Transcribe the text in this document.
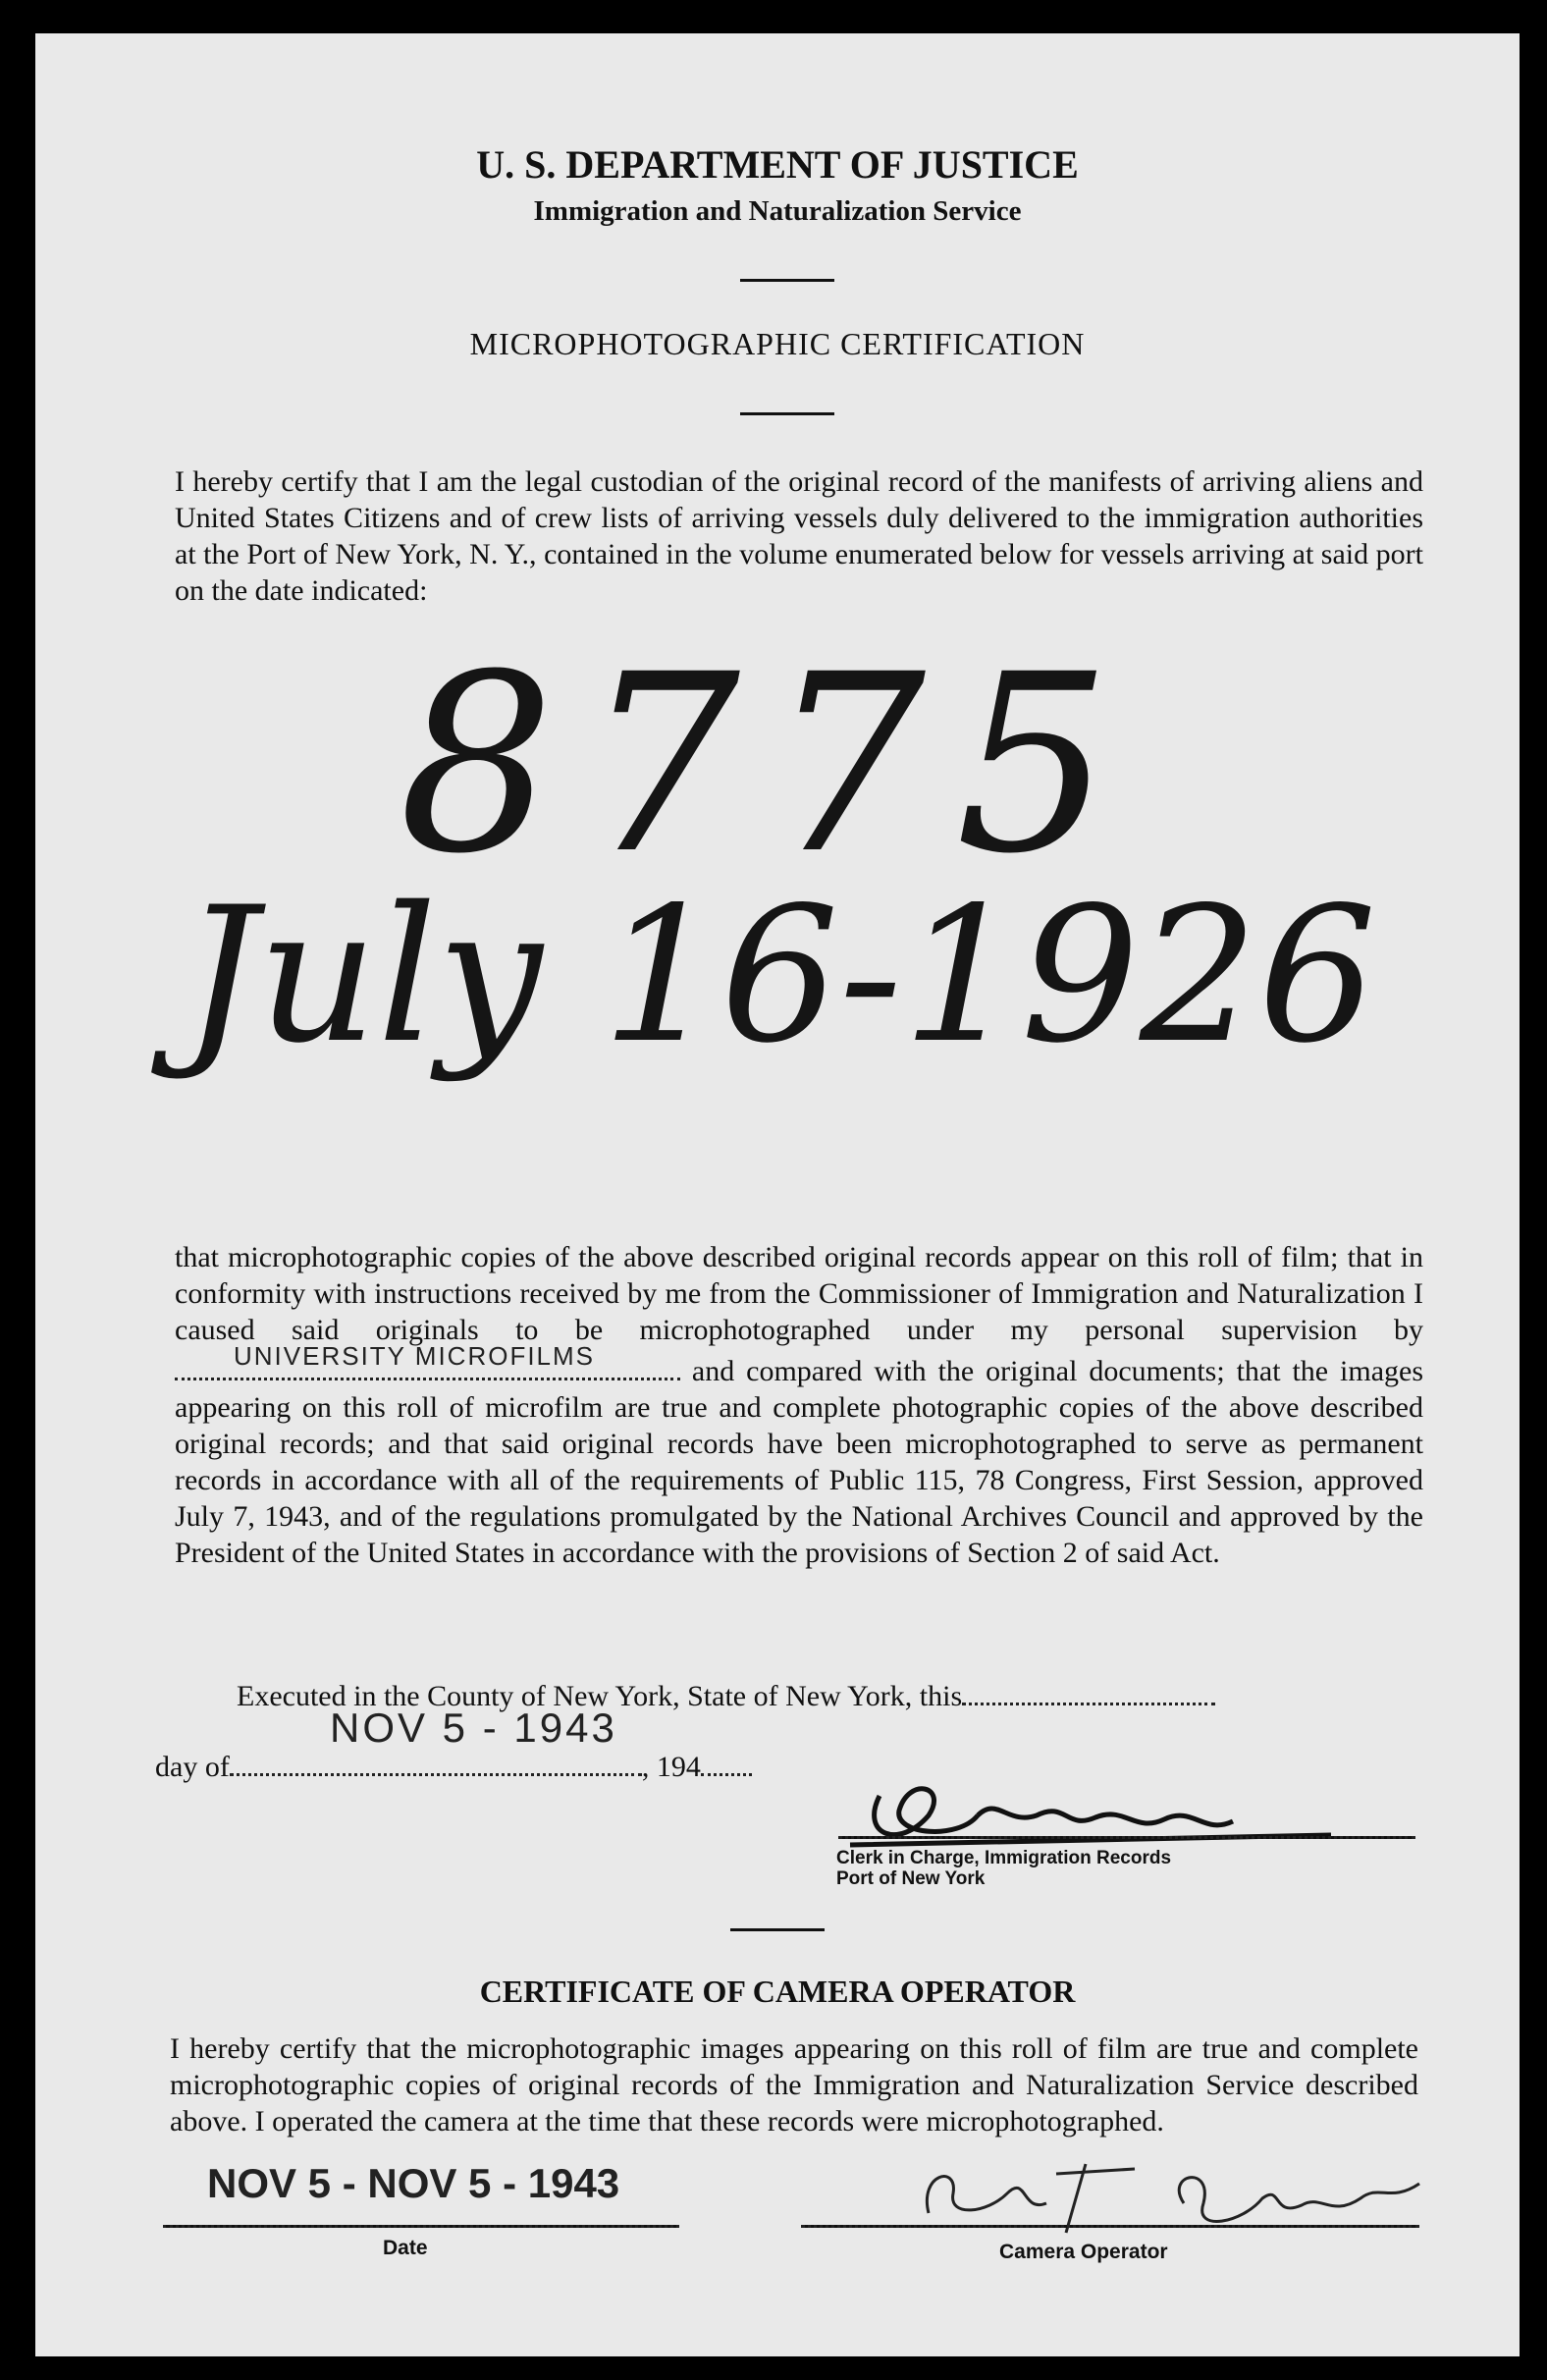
U. S. DEPARTMENT OF JUSTICE
Immigration and Naturalization Service
MICROPHOTOGRAPHIC CERTIFICATION
I hereby certify that I am the legal custodian of the original record of the manifests of arriving aliens and United States Citizens and of crew lists of arriving vessels duly delivered to the immigration authorities at the Port of New York, N. Y., contained in the volume enumerated below for vessels arriving at said port on the date indicated:
8775
July 16-1926
that microphotographic copies of the above described original records appear on this roll of film; that in conformity with instructions received by me from the Commissioner of Immigration and Naturalization I caused said originals to be microphotographed under my personal supervision by
UNIVERSITY MICROFILMS	and compared with the original documents; that the images appearing on this roll of microfilm are true and complete photographic copies of the above described original records; and that said original records have been microphotographed to serve as permanent records in accordance with all of the requirements of Public 115, 78 Congress, First Session, approved July 7, 1943, and of the regulations promulgated by the National Archives Council and approved by the President of the United States in accordance with the provisions of Section 2 of said Act.
Executed in the County of New York, State of New York, this
NOV 5 - 1943
day of	, 194
Clerk in Charge, Immigration Records
Port of New York
CERTIFICATE OF CAMERA OPERATOR
I hereby certify that the microphotographic images appearing on this roll of film are true and complete microphotographic copies of original records of the Immigration and Naturalization Service described above. I operated the camera at the time that these records were microphotographed.
NOV 5 - NOV 5 - 1943
Date	Camera Operator
